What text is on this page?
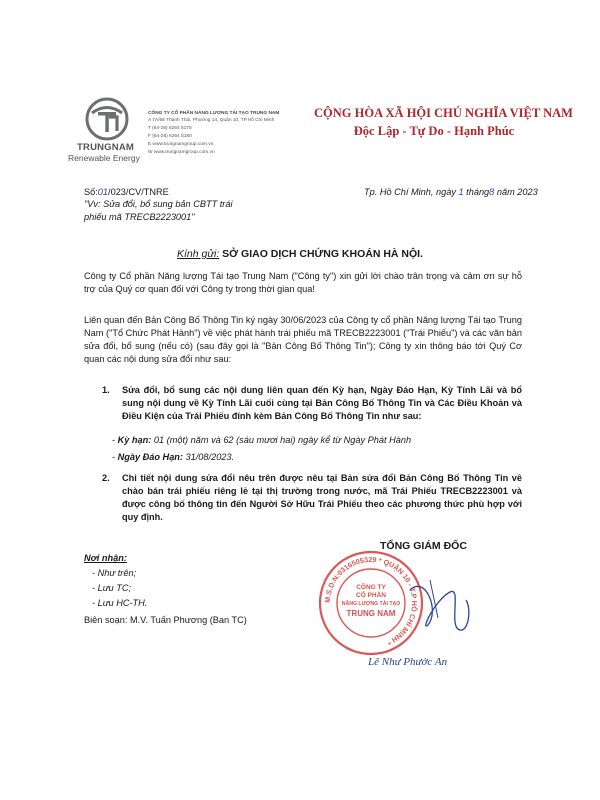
TRUNGNAM
Renewable Energy
CÔNG TY CỔ PHẦN NĂNG LƯỢNG TÁI TẠO TRUNG NAM
A 7A/68 Thành Thái, Phường 14, Quận 10, TP.Hồ Chí Minh
T (84-28) 6264 5178
F (84-28) 6264 5180
E www.trungnamgroup.com.vn
W www.trungnamgroup.com.vn
CỘNG HÒA XÃ HỘI CHỦ NGHĨA VIỆT NAM
Độc Lập - Tự Do - Hạnh Phúc
Số:01/023/CV/TNRE
"Vv: Sửa đổi, bổ sung bản CBTT trái phiếu mã TRECB2223001"
Tp. Hồ Chí Minh, ngày 1 tháng8 năm 2023
Kính gửi: SỞ GIAO DỊCH CHỨNG KHOÁN HÀ NỘI.
Công ty Cổ phần Năng lượng Tái tạo Trung Nam ("Công ty") xin gửi lời chào trân trọng và cảm ơn sự hỗ trợ của Quý cơ quan đối với Công ty trong thời gian qua!
Liên quan đến Bản Công Bố Thông Tin ký ngày 30/06/2023 của Công ty cổ phần Năng lượng Tái tạo Trung Nam ("Tổ Chức Phát Hành") về việc phát hành trái phiếu mã TRECB2223001 ("Trái Phiếu") và các văn bản sửa đổi, bổ sung (nếu có) (sau đây gọi là "Bản Công Bố Thông Tin"); Công ty xin thông báo tới Quý Cơ quan các nội dung sửa đổi như sau:
1. Sửa đổi, bổ sung các nội dung liên quan đến Kỳ hạn, Ngày Đáo Hạn, Kỳ Tính Lãi và bổ sung nội dung về Kỳ Tính Lãi cuối cùng tại Bản Công Bố Thông Tin và Các Điều Khoản và Điều Kiện của Trái Phiếu đính kèm Bản Công Bố Thông Tin như sau:
- Kỳ hạn: 01 (một) năm và 62 (sáu mươi hai) ngày kể từ Ngày Phát Hành
- Ngày Đáo Hạn: 31/08/2023.
2. Chi tiết nội dung sửa đổi nêu trên được nêu tại Bản sửa đổi Bản Công Bố Thông Tin về chào bán trái phiếu riêng lẻ tại thị trường trong nước, mã Trái Phiếu TRECB2223001 và được công bố thông tin đến Người Sở Hữu Trái Phiếu theo các phương thức phù hợp với quy định.
TỔNG GIÁM ĐỐC
M.S.D.N:0316505329 * QUẬN 10 - T.P HỒ CHÍ MINH *
CÔNG TY
CỔ PHẦN
NĂNG LƯỢNG TÁI TẠO
TRUNG NAM
Lê Như Phước An
Nơi nhận:
- Như trên;
- Lưu TC;
- Lưu HC-TH.
Biên soạn: M.V. Tuấn Phương (Ban TC)
